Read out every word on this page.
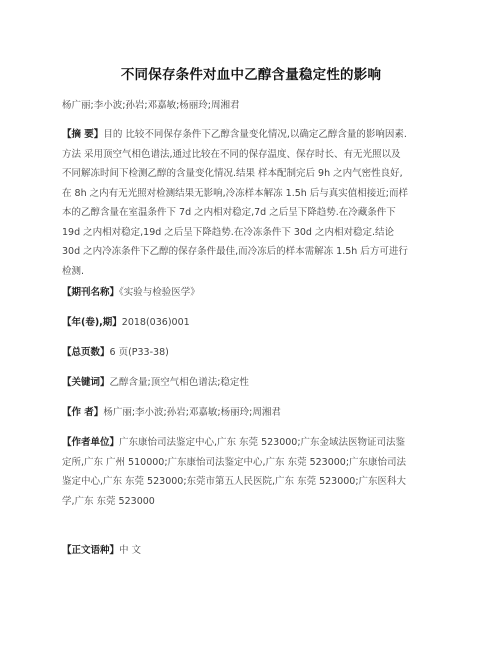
不同保存条件对血中乙醇含量稳定性的影响
杨广丽;李小波;孙岩;邓嘉敏;杨丽玲;周湘君
【摘 要】目的 比较不同保存条件下乙醇含量变化情况,以确定乙醇含量的影响因素.
方法 采用顶空气相色谱法,通过比较在不同的保存温度、保存时长、有无光照以及
不同解冻时间下检测乙醇的含量变化情况.结果 样本配制完后 9h 之内气密性良好,
在 8h 之内有无光照对检测结果无影响,冷冻样本解冻 1.5h 后与真实值相接近;而样
本的乙醇含量在室温条件下 7d 之内相对稳定,7d 之后呈下降趋势.在冷藏条件下
19d 之内相对稳定,19d 之后呈下降趋势.在冷冻条件下 30d 之内相对稳定.结论
30d 之内冷冻条件下乙醇的保存条件最佳,而冷冻后的样本需解冻 1.5h 后方可进行
检测.
【期刊名称】《实验与检验医学》
【年(卷),期】2018(036)001
【总页数】6 页(P33-38)
【关键词】乙醇含量;顶空气相色谱法;稳定性
【作 者】杨广丽;李小波;孙岩;邓嘉敏;杨丽玲;周湘君
【作者单位】广东康怡司法鉴定中心,广东 东莞 523000;广东金域法医物证司法鉴
定所,广东 广州 510000;广东康怡司法鉴定中心,广东 东莞 523000;广东康怡司法
鉴定中心,广东 东莞 523000;东莞市第五人民医院,广东 东莞 523000;广东医科大
学,广东 东莞 523000
【正文语种】中 文
